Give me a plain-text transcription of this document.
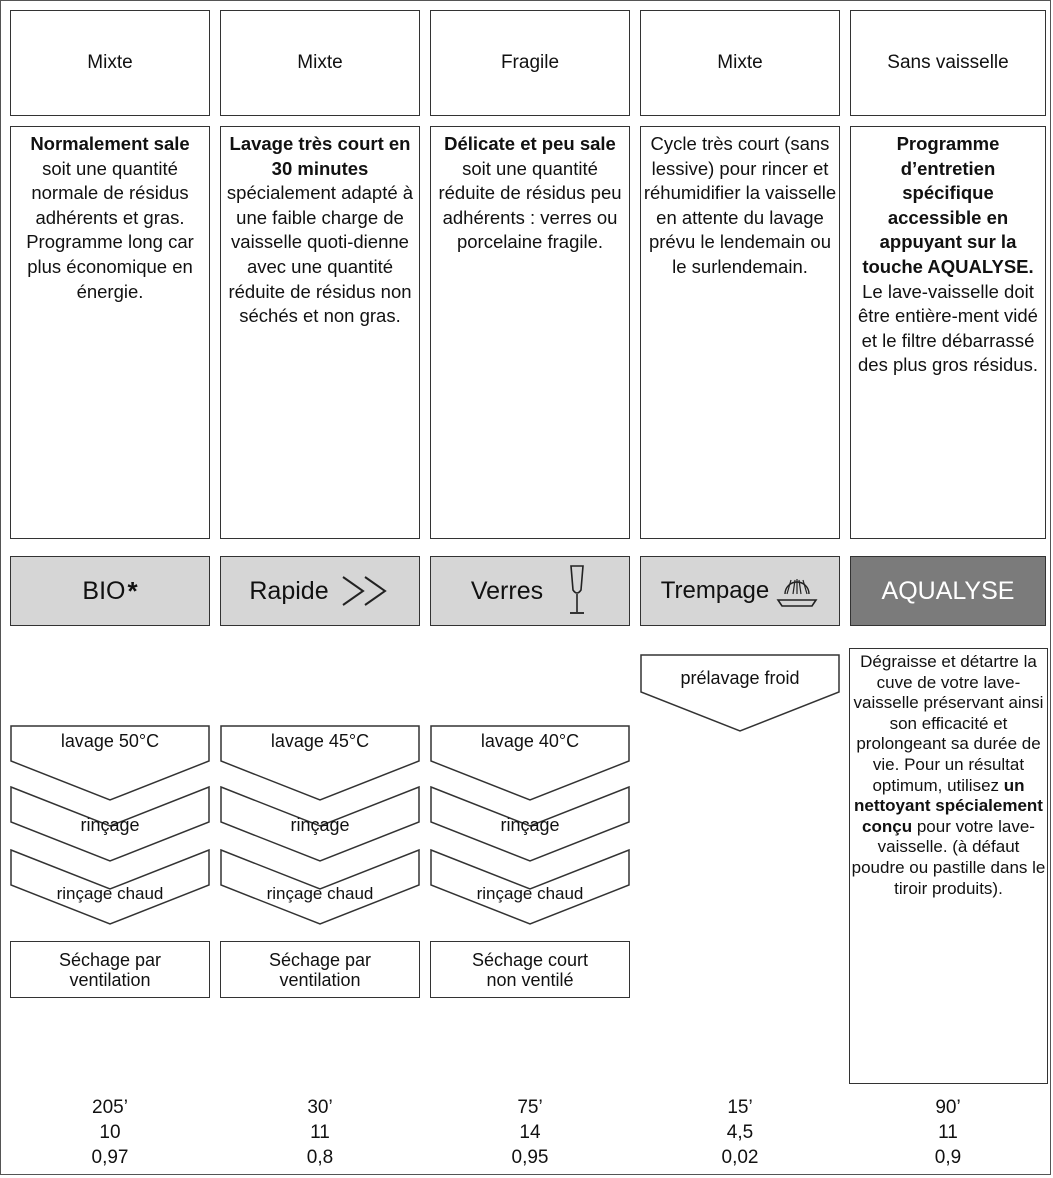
Mixte
Normalement sale
soit une quantité normale de résidus adhérents et gras. Programme long car plus économique en énergie.
BIO *
Mixte
Lavage très court en 30 minutes
spécialement adapté à une faible charge de vaisselle quoti-dienne avec une quantité réduite de résidus non séchés et non gras.
Rapide
Fragile
Délicate et peu sale
soit une quantité réduite de résidus peu adhérents : verres ou porcelaine fragile.
Verres
Mixte
Cycle très court (sans lessive) pour rincer et réhumidifier la vaisselle en attente du lavage prévu le lendemain ou le surlendemain.
Trempage
Sans vaisselle
Programme d’entretien spécifique accessible en appuyant sur la touche AQUALYSE.
Le lave-vaisselle doit être entière-ment vidé et le filtre débarrassé des plus gros résidus.
AQUALYSE
lavage 50°C
rinçage
rinçage chaud
Séchage par
ventilation
lavage 45°C
rinçage
rinçage chaud
Séchage par
ventilation
lavage 40°C
rinçage
rinçage chaud
Séchage court
non ventilé
prélavage froid
Dégraisse et détartre la cuve de votre lave-vaisselle préservant ainsi son efficacité et prolongeant sa durée de vie. Pour un résultat optimum, utilisez un nettoyant spécialement conçu pour votre lave-vaisselle. (à défaut poudre ou pastille dans le tiroir produits).
205’
10
0,97
30’
11
0,8
75’
14
0,95
15’
4,5
0,02
90’
11
0,9
